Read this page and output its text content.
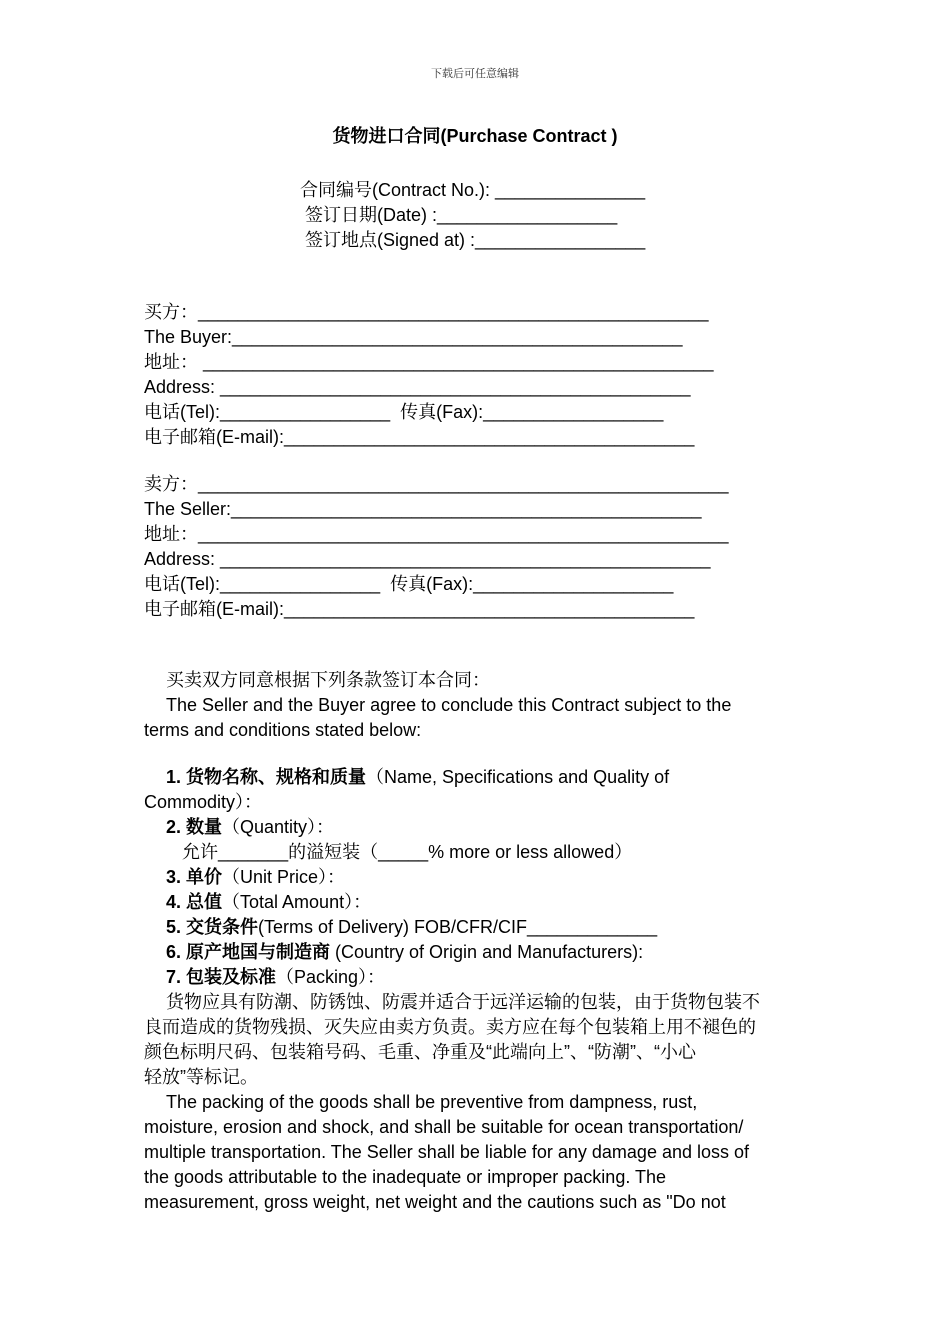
下载后可任意编辑
货物进口合同(Purchase Contract )
合同编号(Contract No.): _______________
签订日期(Date) :__________________
签订地点(Signed at) :_________________
买方：___________________________________________________
The Buyer:_____________________________________________
地址： ___________________________________________________
Address: _______________________________________________
电话(Tel):_________________  传真(Fax):__________________
电子邮箱(E-mail):_________________________________________
卖方：_____________________________________________________
The Seller:_______________________________________________
地址：_____________________________________________________
Address: _________________________________________________
电话(Tel):________________  传真(Fax):____________________
电子邮箱(E-mail):_________________________________________
买卖双方同意根据下列条款签订本合同：
The Seller and the Buyer agree to conclude this Contract subject to the
terms and conditions stated below:
1. 货物名称、规格和质量（Name, Specifications and Quality of
Commodity）：
2. 数量（Quantity）：
允许_______的溢短装（_____% more or less allowed）
3. 单价（Unit Price）：
4. 总值（Total Amount）：
5. 交货条件(Terms of Delivery) FOB/CFR/CIF_____________
6. 原产地国与制造商 (Country of Origin and Manufacturers):
7. 包装及标准（Packing）：
货物应具有防潮、防锈蚀、防震并适合于远洋运输的包装，由于货物包装不
良而造成的货物残损、灭失应由卖方负责。卖方应在每个包装箱上用不褪色的
颜色标明尺码、包装箱号码、毛重、净重及“此端向上”、“防潮”、“小心
轻放”等标记。
The packing of the goods shall be preventive from dampness, rust,
moisture, erosion and shock, and shall be suitable for ocean transportation/
multiple transportation. The Seller shall be liable for any damage and loss of
the goods attributable to the inadequate or improper packing. The
measurement, gross weight, net weight and the cautions such as "Do not
